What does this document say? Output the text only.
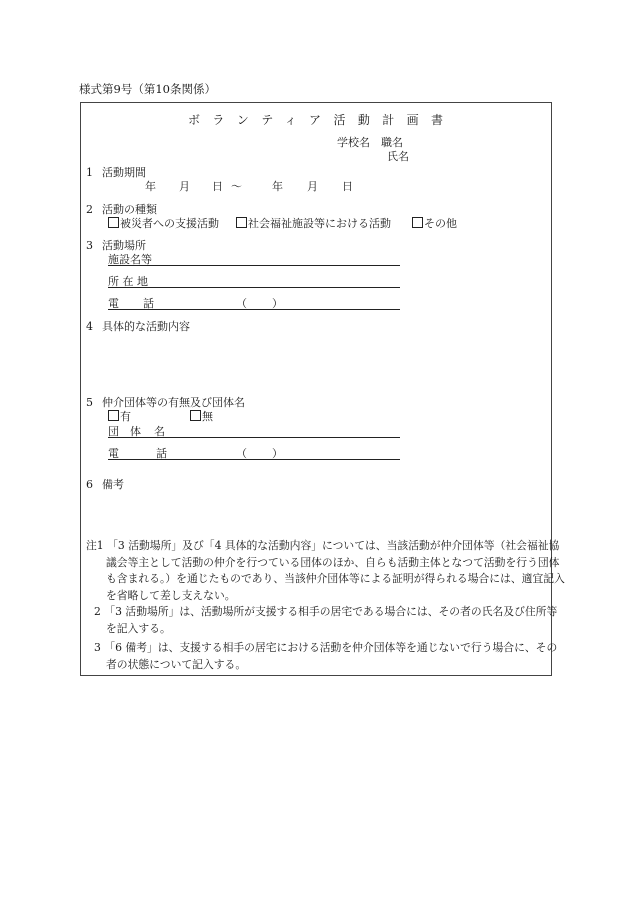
様式第9号（第10条関係）
ボランティア活動計画書
学校名 職名
氏名
1 活動期間
年 月 日 ～	年 月 日
2 活動の種類
被災者への支援活動	社会福祉施設等における活動	その他
3 活動場所
施設名等
所 在 地
電 話	（ ）
4 具体的な活動内容
5 仲介団体等の有無及び団体名
有	無
団 体 名
電	話	（ ）
6 備考
注1 「3 活動場所」及び「4 具体的な活動内容」については、当該活動が仲介団体等（社会福祉協議会等主として活動の仲介を行つている団体のほか、自らも活動主体となつて活動を行う団体も含まれる。）を通じたものであり、当該仲介団体等による証明が得られる場合には、適宜記入を省略して差し支えない。
2 「3 活動場所」は、活動場所が支援する相手の居宅である場合には、その者の氏名及び住所等を記入する。
3 「6 備考」は、支援する相手の居宅における活動を仲介団体等を通じないで行う場合に、その者の状態について記入する。
